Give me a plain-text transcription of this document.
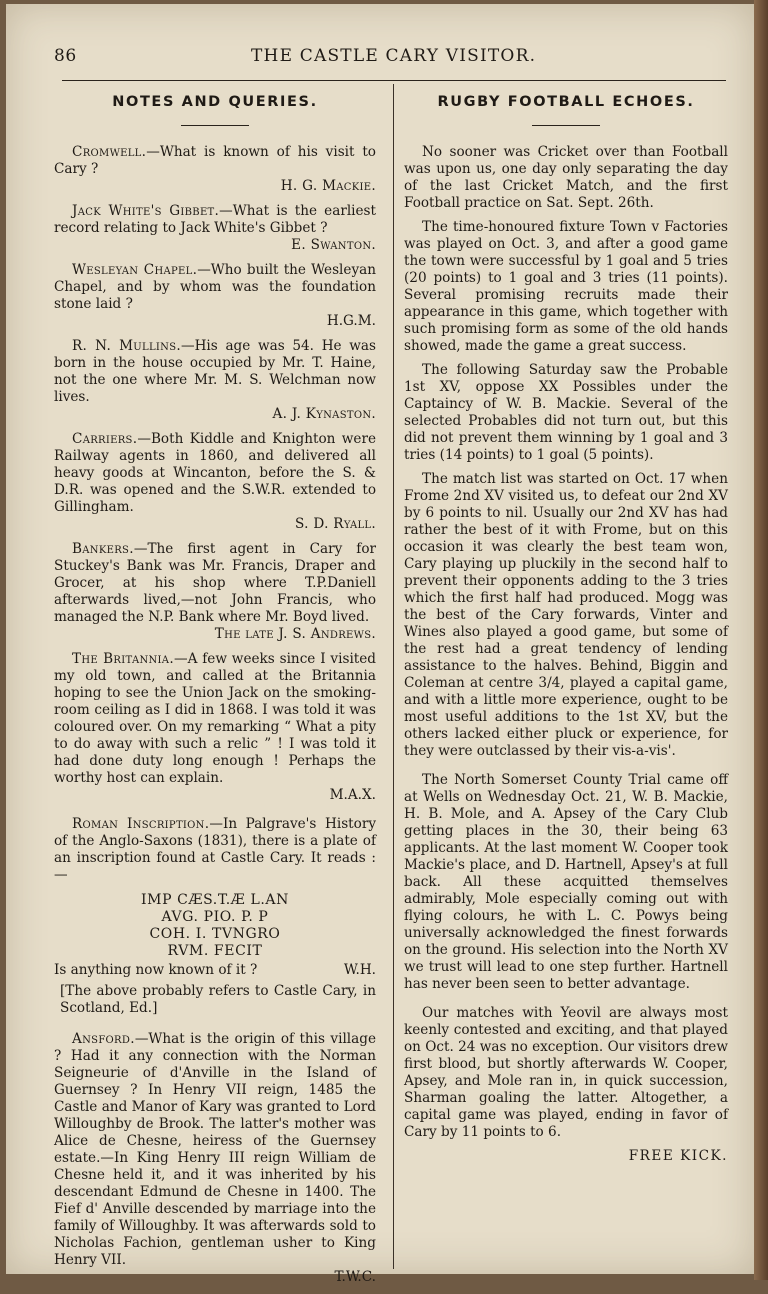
86	THE CASTLE CARY VISITOR.
NOTES AND QUERIES.

Cromwell.—What is known of his visit to Cary ?
H. G. Mackie.

Jack White's Gibbet.—What is the earliest record relating to Jack White's Gibbet ?
E. Swanton.

Wesleyan Chapel.—Who built the Wesleyan Chapel, and by whom was the foundation stone laid ?
H.G.M.

R. N. Mullins.—His age was 54. He was born in the house occupied by Mr. T. Haine, not the one where Mr. M. S. Welchman now lives.
A. J. Kynaston.

Carriers.—Both Kiddle and Knighton were Railway agents in 1860, and delivered all heavy goods at Wincanton, before the S. & D.R. was opened and the S.W.R. extended to Gillingham.
S. D. Ryall.

Bankers.—The first agent in Cary for Stuckey's Bank was Mr. Francis, Draper and Grocer, at his shop where T.P.Daniell afterwards lived,—not John Francis, who managed the N.P. Bank where Mr. Boyd lived.
The late J. S. Andrews.

The Britannia.—A few weeks since I visited my old town, and called at the Britannia hoping to see the Union Jack on the smoking-room ceiling as I did in 1868. I was told it was coloured over. On my remarking “ What a pity to do away with such a relic ” ! I was told it had done duty long enough ! Perhaps the worthy host can explain.
M.A.X.

Roman Inscription.—In Palgrave's History of the Anglo-Saxons (1831), there is a plate of an inscription found at Castle Cary. It reads :—

IMP CÆS.T.Æ L.AN
AVG. PIO. P. P
COH. I. TVNGRO
RVM. FECIT

Is anything now known of it ?	W.H.

[The above probably refers to Castle Cary, in Scotland, Ed.]

Ansford.—What is the origin of this village ? Had it any connection with the Norman Seigneurie of d'Anville in the Island of Guernsey ? In Henry VII reign, 1485 the Castle and Manor of Kary was granted to Lord Willoughby de Brook. The latter's mother was Alice de Chesne, heiress of the Guernsey estate.—In King Henry III reign William de Chesne held it, and it was inherited by his descendant Edmund de Chesne in 1400. The Fief d' Anville descended by marriage into the family of Willoughby. It was afterwards sold to Nicholas Fachion, gentleman usher to King Henry VII.
T.W.C.

RUGBY FOOTBALL ECHOES.

No sooner was Cricket over than Football was upon us, one day only separating the day of the last Cricket Match, and the first Football practice on Sat. Sept. 26th.

The time-honoured fixture Town v Factories was played on Oct. 3, and after a good game the town were successful by 1 goal and 5 tries (20 points) to 1 goal and 3 tries (11 points). Several promising recruits made their appearance in this game, which together with such promising form as some of the old hands showed, made the game a great success.

The following Saturday saw the Probable 1st XV, oppose XX Possibles under the Captaincy of W. B. Mackie. Several of the selected Probables did not turn out, but this did not prevent them winning by 1 goal and 3 tries (14 points) to 1 goal (5 points).

The match list was started on Oct. 17 when Frome 2nd XV visited us, to defeat our 2nd XV by 6 points to nil. Usually our 2nd XV has had rather the best of it with Frome, but on this occasion it was clearly the best team won, Cary playing up pluckily in the second half to prevent their opponents adding to the 3 tries which the first half had produced. Mogg was the best of the Cary forwards, Vinter and Wines also played a good game, but some of the rest had a great tendency of lending assistance to the halves. Behind, Biggin and Coleman at centre 3/4, played a capital game, and with a little more experience, ought to be most useful additions to the 1st XV, but the others lacked either pluck or experience, for they were outclassed by their vis-a-vis'.

The North Somerset County Trial came off at Wells on Wednesday Oct. 21, W. B. Mackie, H. B. Mole, and A. Apsey of the Cary Club getting places in the 30, their being 63 applicants. At the last moment W. Cooper took Mackie's place, and D. Hartnell, Apsey's at full back. All these acquitted themselves admirably, Mole especially coming out with flying colours, he with L. C. Powys being universally acknowledged the finest forwards on the ground. His selection into the North XV we trust will lead to one step further. Hartnell has never been seen to better advantage.

Our matches with Yeovil are always most keenly contested and exciting, and that played on Oct. 24 was no exception. Our visitors drew first blood, but shortly afterwards W. Cooper, Apsey, and Mole ran in, in quick succession, Sharman goaling the latter. Altogether, a capital game was played, ending in favor of Cary by 11 points to 6.

FREE KICK.
